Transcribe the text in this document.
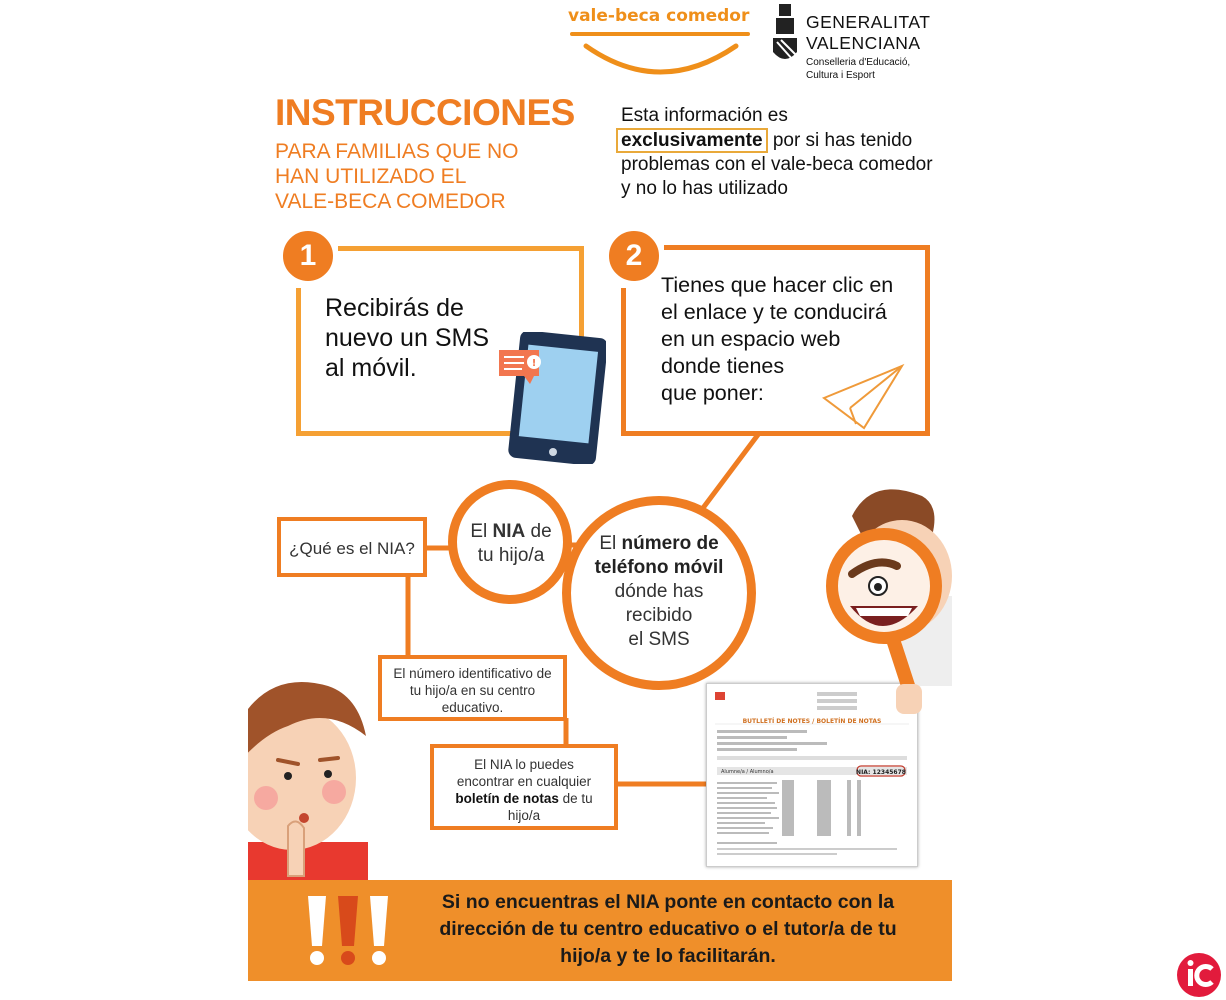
vale-beca comedor	GENERALITAT
VALENCIANA
Conselleria d'Educació,
Cultura i Esport
INSTRUCCIONES
PARA FAMILIAS QUE NO
HAN UTILIZADO EL
VALE-BECA COMEDOR
Esta información es
exclusivamente por si has tenido problemas con el vale-beca comedor y no lo has utilizado
1
Recibirás de
nuevo un SMS
al móvil.	!
2
Tienes que hacer clic en
el enlace y te conducirá
en un espacio web
donde tienes
que poner:
¿Qué es el NIA?
El NIA de
tu hijo/a
El número de
teléfono móvil
dónde has
recibido
el SMS
El número identificativo de
tu hijo/a en su centro
educativo.
El NIA lo puedes
encontrar en cualquier
boletín de notas de tu
hijo/a
BUTLLETÍ DE NOTES / BOLETÍN DE NOTAS
Alumne/a / Alumno/a	NIA: 12345678
Si no encuentras el NIA ponte en contacto con la
dirección de tu centro educativo o el tutor/a de tu
hijo/a y te lo facilitarán.
